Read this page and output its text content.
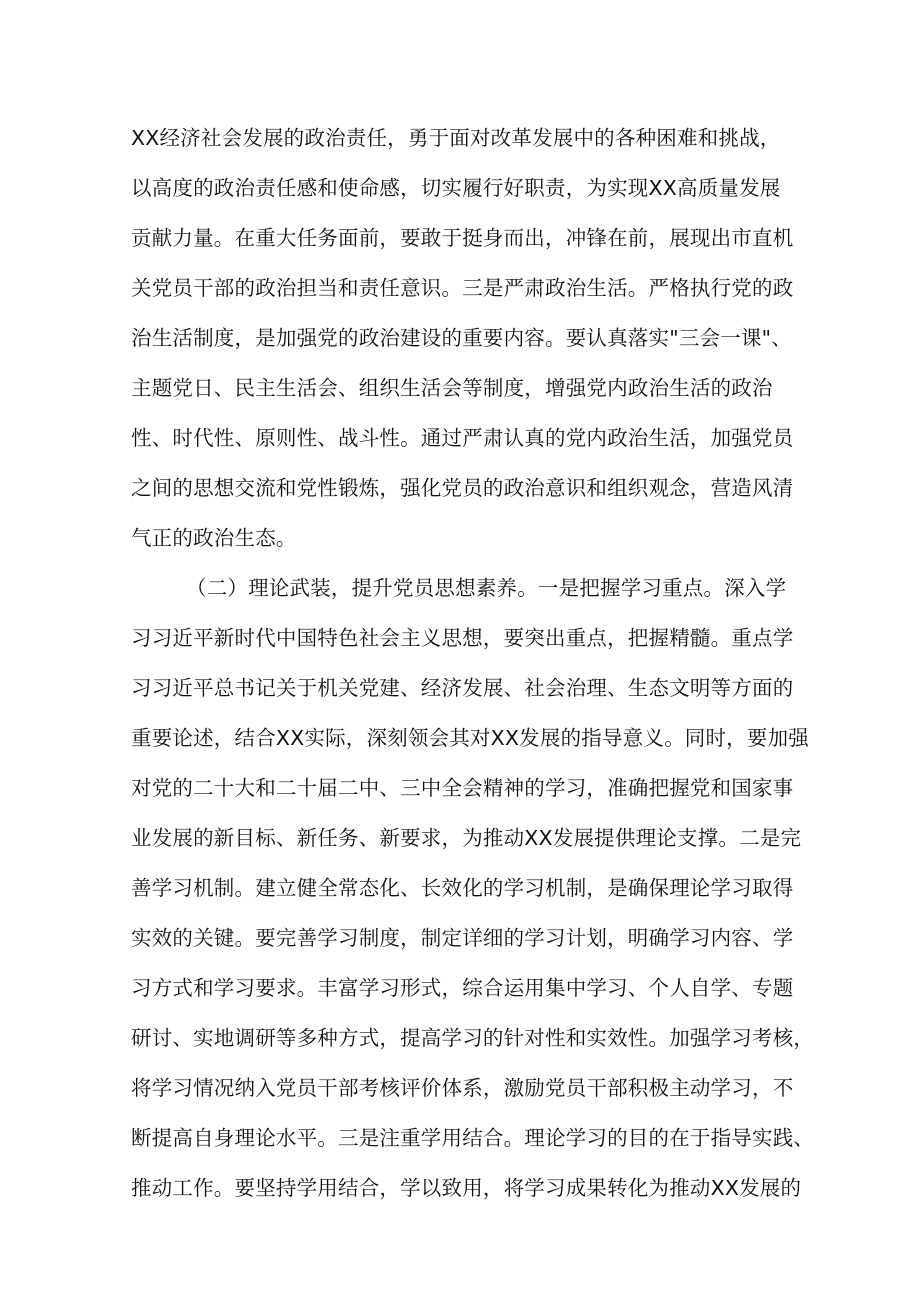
XX经济社会发展的政治责任，勇于面对改革发展中的各种困难和挑战，
以高度的政治责任感和使命感，切实履行好职责，为实现XX高质量发展
贡献力量。在重大任务面前，要敢于挺身而出，冲锋在前，展现出市直机
关党员干部的政治担当和责任意识。三是严肃政治生活。严格执行党的政
治生活制度，是加强党的政治建设的重要内容。要认真落实"三会一课"、
主题党日、民主生活会、组织生活会等制度，增强党内政治生活的政治
性、时代性、原则性、战斗性。通过严肃认真的党内政治生活，加强党员
之间的思想交流和党性锻炼，强化党员的政治意识和组织观念，营造风清
气正的政治生态。
（二）理论武装，提升党员思想素养。一是把握学习重点。深入学
习习近平新时代中国特色社会主义思想，要突出重点，把握精髓。重点学
习习近平总书记关于机关党建、经济发展、社会治理、生态文明等方面的
重要论述，结合XX实际，深刻领会其对XX发展的指导意义。同时，要加强
对党的二十大和二十届二中、三中全会精神的学习，准确把握党和国家事
业发展的新目标、新任务、新要求，为推动XX发展提供理论支撑。二是完
善学习机制。建立健全常态化、长效化的学习机制，是确保理论学习取得
实效的关键。要完善学习制度，制定详细的学习计划，明确学习内容、学
习方式和学习要求。丰富学习形式，综合运用集中学习、个人自学、专题
研讨、实地调研等多种方式，提高学习的针对性和实效性。加强学习考核，
将学习情况纳入党员干部考核评价体系，激励党员干部积极主动学习，不
断提高自身理论水平。三是注重学用结合。理论学习的目的在于指导实践、
推动工作。要坚持学用结合，学以致用，将学习成果转化为推动XX发展的
